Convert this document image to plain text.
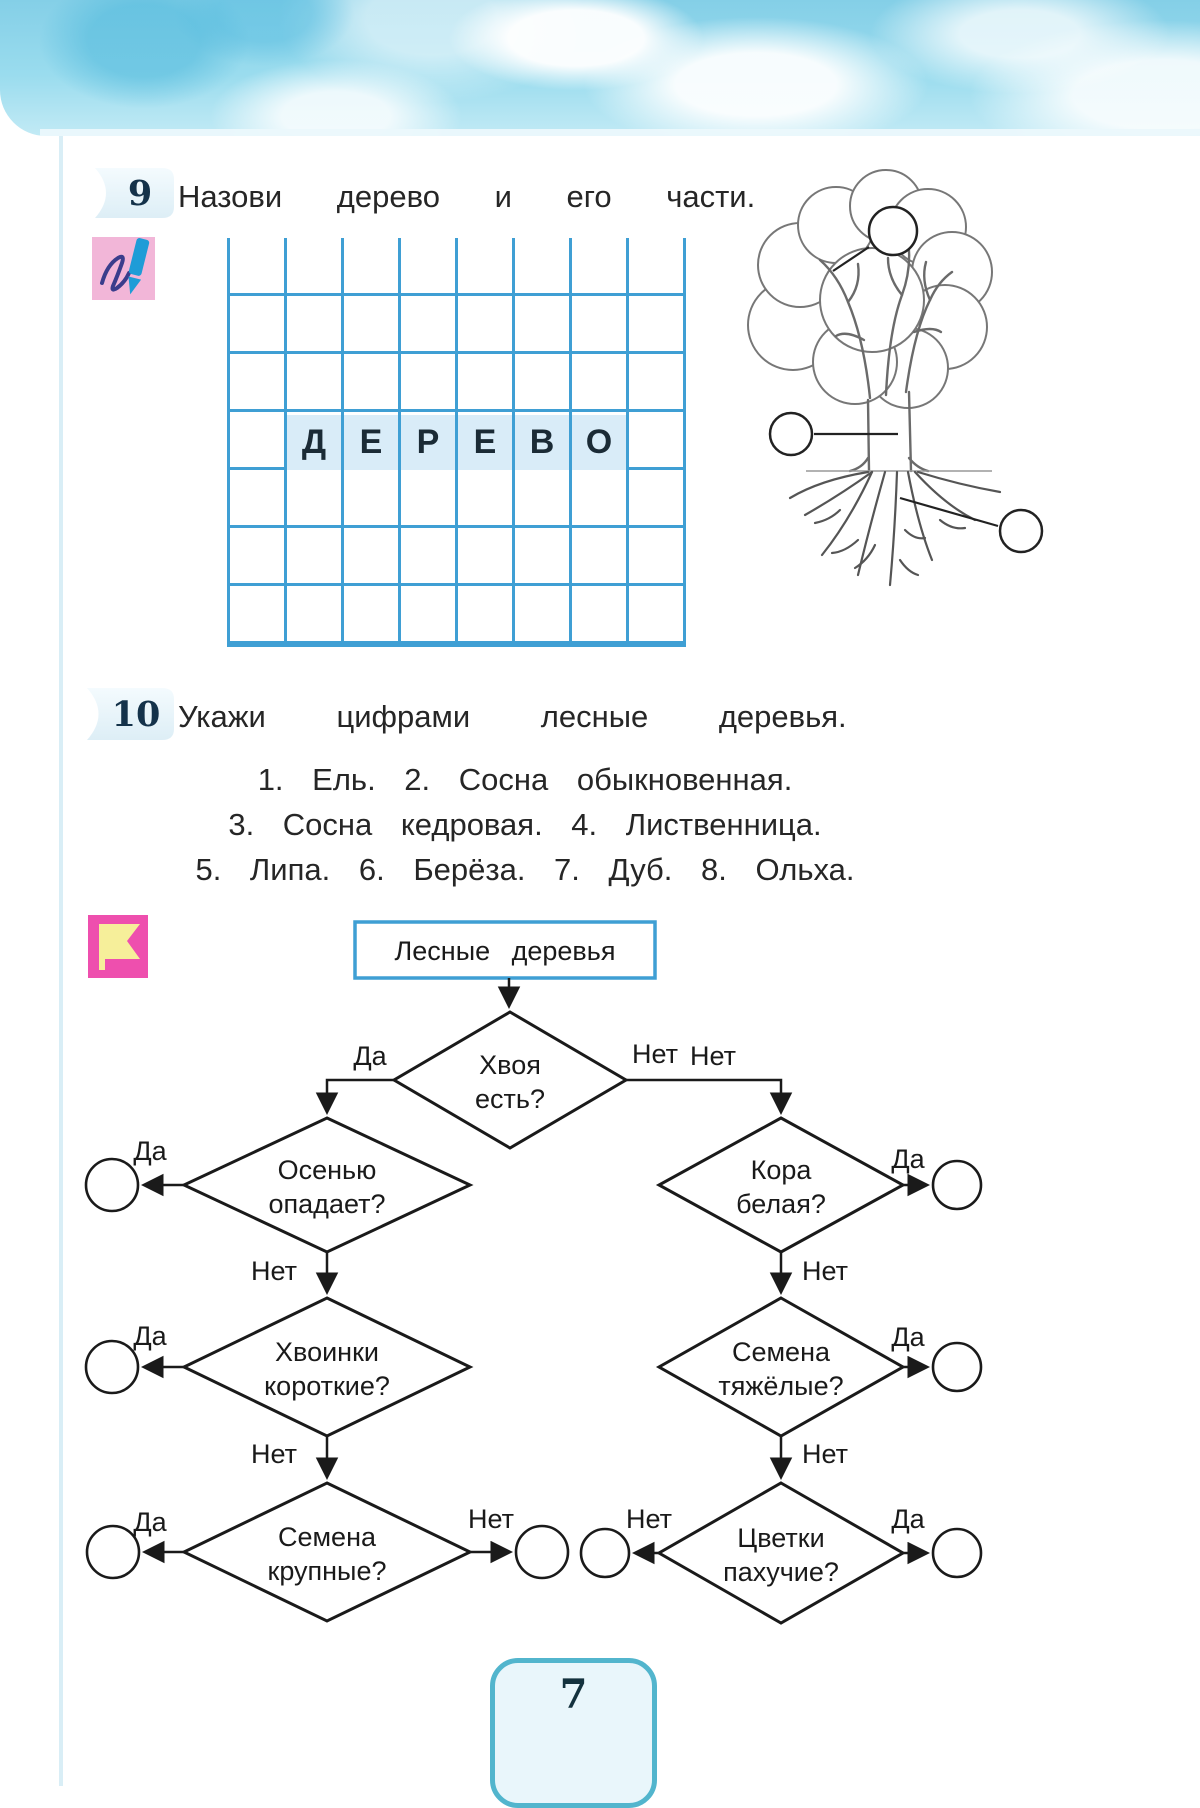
9 Назови дерево и его части.
Д Е	Р	Е В О
10 Укажи цифрами лесные деревья.
1. Ель. 2. Сосна обыкновенная.
3. Сосна кедровая. 4. Лиственница.
5. Липа. 6. Берёза. 7. Дуб. 8. Ольха.
Лесные деревья
Хвоя
есть?
Да	Нет
Осенью
опадает?
Да
Нет
Хвоинки
короткие?
Да
Нет
Семена
крупные?
Да	Нет
Нет
Кора
белая?
Да
Нет
Семена
тяжёлые?
Да
Нет
Цветки
пахучие?
Нет	Да
7
